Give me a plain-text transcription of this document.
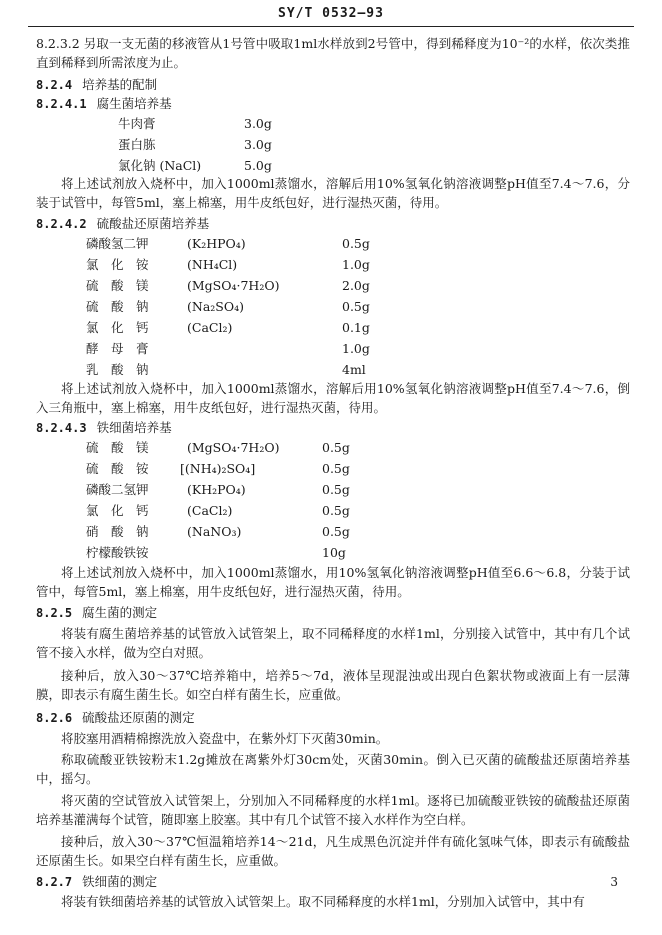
SY/T 0532—93

8.2.3.2 另取一支无菌的移液管从1号管中吸取1ml水样放到2号管中，得到稀释度为10⁻²的水样，依次类推直到稀释到所需浓度为止。

8.2.4 培养基的配制
8.2.4.1 腐生菌培养基
牛肉膏	3.0g
蛋白胨	3.0g
氯化钠 (NaCl)	5.0g

将上述试剂放入烧杯中，加入1000ml蒸馏水，溶解后用10%氢氧化钠溶液调整pH值至7.4～7.6，分装于试管中，每管5ml，塞上棉塞，用牛皮纸包好，进行湿热灭菌，待用。

8.2.4.2 硫酸盐还原菌培养基
磷酸氢二钾	(K₂HPO₄)	0.5g
氯　化　铵	(NH₄Cl)	1.0g
硫　酸　镁	(MgSO₄·7H₂O)	2.0g
硫　酸　钠	(Na₂SO₄)	0.5g
氯　化　钙	(CaCl₂)	0.1g
酵　母　膏	1.0g
乳　酸　钠	4ml

将上述试剂放入烧杯中，加入1000ml蒸馏水，溶解后用10%氢氧化钠溶液调整pH值至7.4～7.6，倒入三角瓶中，塞上棉塞，用牛皮纸包好，进行湿热灭菌，待用。

8.2.4.3 铁细菌培养基
硫　酸　镁	(MgSO₄·7H₂O)	0.5g
硫　酸　铵	[(NH₄)₂SO₄]	0.5g
磷酸二氢钾	(KH₂PO₄)	0.5g
氯　化　钙	(CaCl₂)	0.5g
硝　酸　钠	(NaNO₃)	0.5g
柠檬酸铁铵	10g

将上述试剂放入烧杯中，加入1000ml蒸馏水，用10%氢氧化钠溶液调整pH值至6.6～6.8，分装于试管中，每管5ml，塞上棉塞，用牛皮纸包好，进行湿热灭菌，待用。

8.2.5 腐生菌的测定

将装有腐生菌培养基的试管放入试管架上，取不同稀释度的水样1ml，分别接入试管中，其中有几个试管不接入水样，做为空白对照。

接种后，放入30～37℃培养箱中，培养5～7d，液体呈现混浊或出现白色絮状物或液面上有一层薄膜，即表示有腐生菌生长。如空白样有菌生长，应重做。

8.2.6 硫酸盐还原菌的测定

将胶塞用酒精棉擦洗放入瓷盘中，在紫外灯下灭菌30min。

称取硫酸亚铁铵粉末1.2g摊放在离紫外灯30cm处，灭菌30min。倒入已灭菌的硫酸盐还原菌培养基中，摇匀。

将灭菌的空试管放入试管架上，分别加入不同稀释度的水样1ml。逐将已加硫酸亚铁铵的硫酸盐还原菌培养基灌满每个试管，随即塞上胶塞。其中有几个试管不接入水样作为空白样。

接种后，放入30～37℃恒温箱培养14～21d，凡生成黑色沉淀并伴有硫化氢味气体，即表示有硫酸盐还原菌生长。如果空白样有菌生长，应重做。

8.2.7 铁细菌的测定

将装有铁细菌培养基的试管放入试管架上。取不同稀释度的水样1ml，分别加入试管中，其中有

3
